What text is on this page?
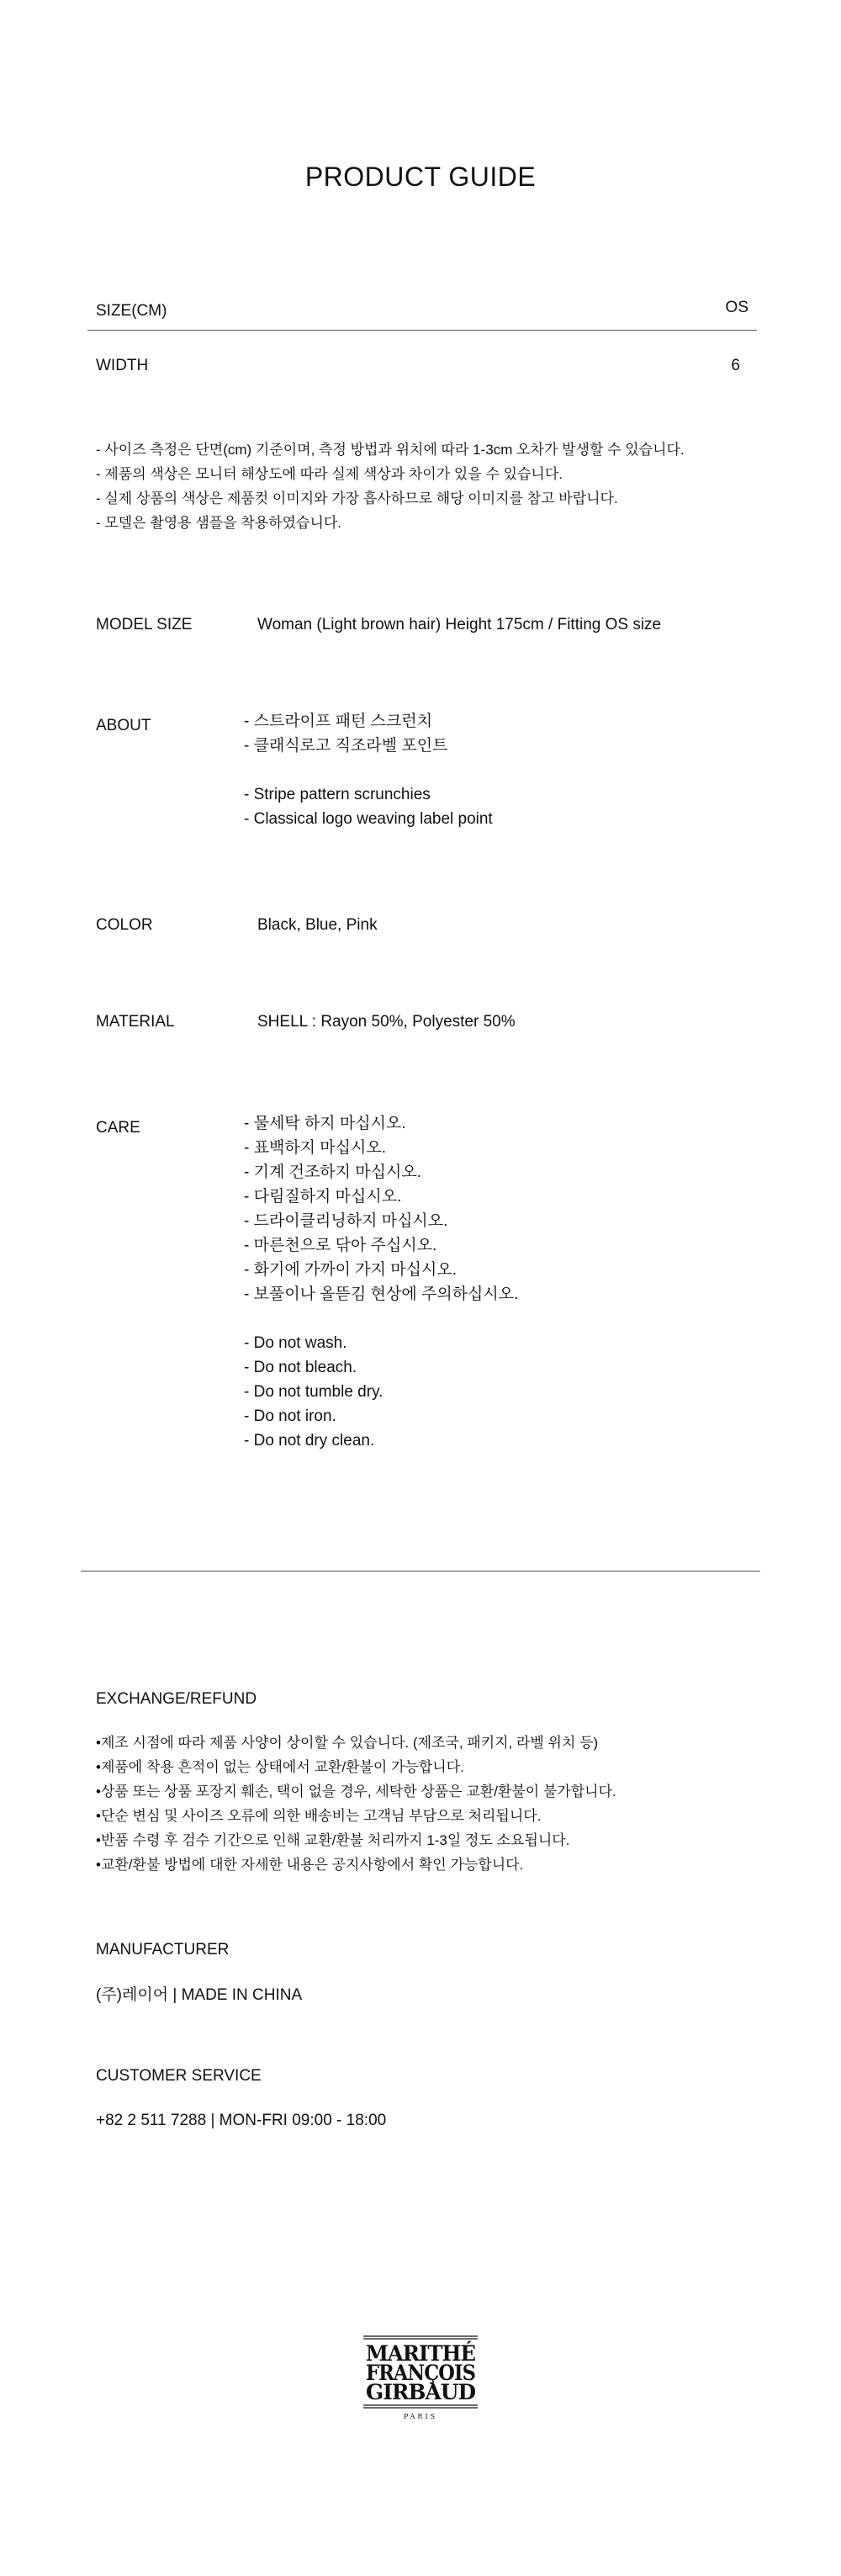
PRODUCT GUIDE
SIZE(CM)	OS
WIDTH	6
- 사이즈 측정은 단면(cm) 기준이며, 측정 방법과 위치에 따라 1-3cm 오차가 발생할 수 있습니다.
- 제품의 색상은 모니터 해상도에 따라 실제 색상과 차이가 있을 수 있습니다.
- 실제 상품의 색상은 제품컷 이미지와 가장 흡사하므로 해당 이미지를 참고 바랍니다.
- 모델은 촬영용 샘플을 착용하였습니다.
MODEL SIZE	Woman (Light brown hair) Height 175cm / Fitting OS size
ABOUT	- 스트라이프 패턴 스크런치
- 클래식로고 직조라벨 포인트
- Stripe pattern scrunchies
- Classical logo weaving label point
COLOR	Black, Blue, Pink
MATERIAL	SHELL : Rayon 50%, Polyester 50%
CARE	- 물세탁 하지 마십시오.
- 표백하지 마십시오.
- 기계 건조하지 마십시오.
- 다림질하지 마십시오.
- 드라이클리닝하지 마십시오.
- 마른천으로 닦아 주십시오.
- 화기에 가까이 가지 마십시오.
- 보풀이나 올뜯김 현상에 주의하십시오.
- Do not wash.
- Do not bleach.
- Do not tumble dry.
- Do not iron.
- Do not dry clean.
EXCHANGE/REFUND
•제조 시점에 따라 제품 사양이 상이할 수 있습니다. (제조국, 패키지, 라벨 위치 등)
•제품에 착용 흔적이 없는 상태에서 교환/환불이 가능합니다.
•상품 또는 상품 포장지 훼손, 택이 없을 경우, 세탁한 상품은 교환/환불이 불가합니다.
•단순 변심 및 사이즈 오류에 의한 배송비는 고객님 부담으로 처리됩니다.
•반품 수령 후 검수 기간으로 인해 교환/환불 처리까지 1-3일 정도 소요됩니다.
•교환/환불 방법에 대한 자세한 내용은 공지사항에서 확인 가능합니다.
MANUFACTURER
(주)레이어 | MADE IN CHINA
CUSTOMER SERVICE
+82 2 511 7288 | MON-FRI 09:00 - 18:00
MARITHÉ
FRANÇOIS
GIRBAUD
PARIS
